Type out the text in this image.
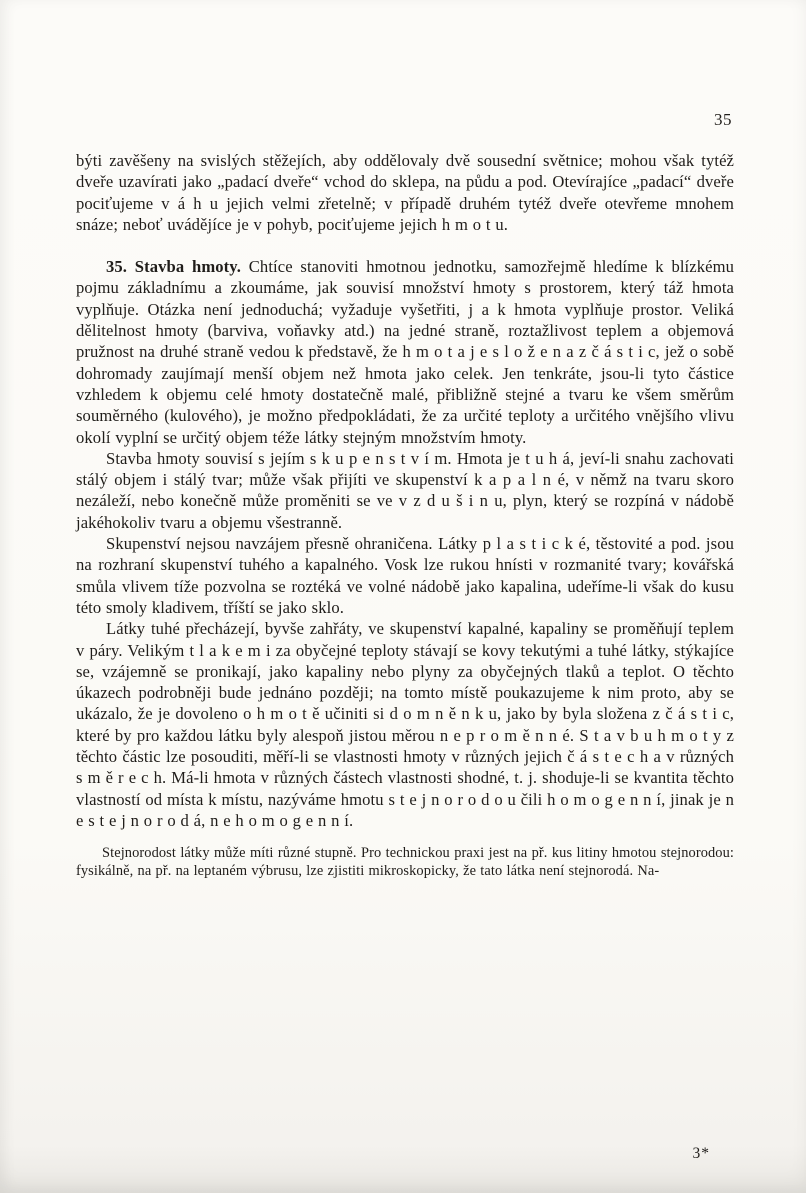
35

býti zavěšeny na svislých stěžejích, aby oddělovaly dvě sousední světnice; mohou však tytéž dveře uzavírati jako „padací dveře“ vchod do sklepa, na půdu a pod. Otevírajíce „padací“ dveře pociťujeme v á h u jejich velmi zřetelně; v případě druhém tytéž dveře otevřeme mnohem snáze; neboť uvádějíce je v pohyb, pociťujeme jejich h m o t u.

35. Stavba hmoty. Chtíce stanoviti hmotnou jednotku, samozřejmě hledíme k blízkému pojmu základnímu a zkoumáme, jak souvisí množství hmoty s prostorem, který táž hmota vyplňuje. Otázka není jednoduchá; vyžaduje vyšetřiti, j a k hmota vyplňuje prostor. Veliká dělitelnost hmoty (barviva, voňavky atd.) na jedné straně, roztažlivost teplem a objemová pružnost na druhé straně vedou k představě, že h m o t a j e s l o ž e n a z č á s t i c, jež o sobě dohromady zaujímají menší objem než hmota jako celek. Jen tenkráte, jsou-li tyto částice vzhledem k objemu celé hmoty dostatečně malé, přibližně stejné a tvaru ke všem směrům souměrného (kulového), je možno předpokládati, že za určité teploty a určitého vnějšího vlivu okolí vyplní se určitý objem téže látky stejným množstvím hmoty.

Stavba hmoty souvisí s jejím s k u p e n s t v í m. Hmota je t u h á, jeví-li snahu zachovati stálý objem i stálý tvar; může však přijíti ve skupenství k a p a l n é, v němž na tvaru skoro nezáleží, nebo konečně může proměniti se ve v z d u š i n u, plyn, který se rozpíná v nádobě jakéhokoliv tvaru a objemu všestranně.

Skupenství nejsou navzájem přesně ohraničena. Látky p l a s t i c k é, těstovité a pod. jsou na rozhraní skupenství tuhého a kapalného. Vosk lze rukou hnísti v rozmanité tvary; kovářská smůla vlivem tíže pozvolna se roztéká ve volné nádobě jako kapalina, udeříme-li však do kusu této smoly kladivem, tříští se jako sklo.

Látky tuhé přecházejí, byvše zahřáty, ve skupenství kapalné, kapaliny se proměňují teplem v páry. Velikým t l a k e m i za obyčejné teploty stávají se kovy tekutými a tuhé látky, stýkajíce se, vzájemně se pronikají, jako kapaliny nebo plyny za obyčejných tlaků a teplot. O těchto úkazech podrobněji bude jednáno později; na tomto místě poukazujeme k nim proto, aby se ukázalo, že je dovoleno o h m o t ě učiniti si d o m n ě n k u, jako by byla složena z č á s t i c, které by pro každou látku byly alespoň jistou měrou n e p r o m ě n n é. S t a v b u h m o t y z těchto částic lze posouditi, měří-li se vlastnosti hmoty v různých jejich č á s t e c h a v různých s m ě r e c h. Má-li hmota v různých částech vlastnosti shodné, t. j. shoduje-li se kvantita těchto vlastností od místa k místu, nazýváme hmotu s t e j n o r o d o u čili h o m o g e n n í, jinak je n e s t e j n o r o d á, n e h o m o g e n n í.

Stejnorodost látky může míti různé stupně. Pro technickou praxi jest na př. kus litiny hmotou stejnorodou: fysikálně, na př. na leptaném výbrusu, lze zjistiti mikroskopicky, že tato látka není stejnorodá. Na-

3*
